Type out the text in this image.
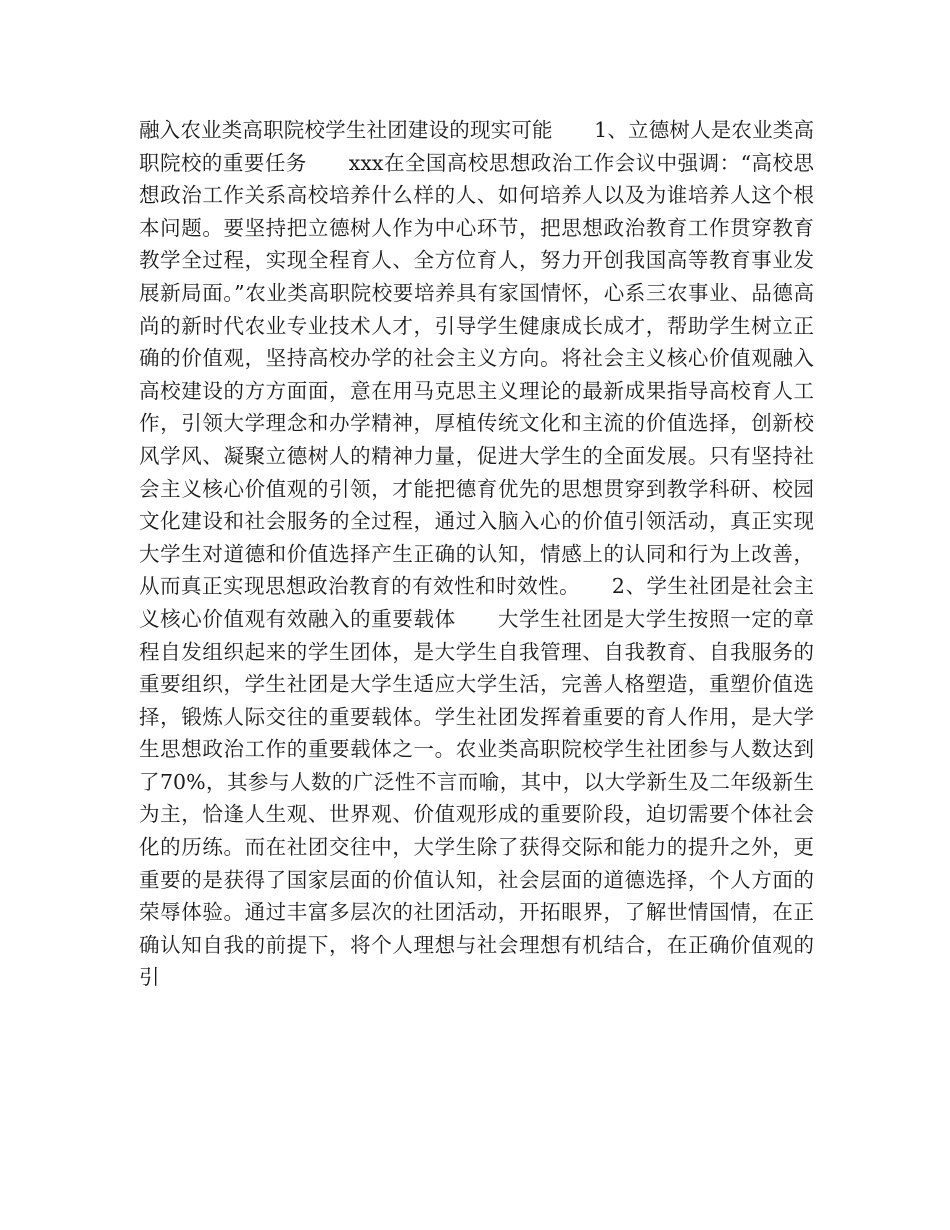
融入农业类高职院校学生社团建设的现实可能　　1、立德树人是农业类高职院校的重要任务　　xxx在全国高校思想政治工作会议中强调：“高校思想政治工作关系高校培养什么样的人、如何培养人以及为谁培养人这个根本问题。要坚持把立德树人作为中心环节，把思想政治教育工作贯穿教育教学全过程，实现全程育人、全方位育人，努力开创我国高等教育事业发展新局面。”农业类高职院校要培养具有家国情怀，心系三农事业、品德高尚的新时代农业专业技术人才，引导学生健康成长成才，帮助学生树立正确的价值观，坚持高校办学的社会主义方向。将社会主义核心价值观融入高校建设的方方面面，意在用马克思主义理论的最新成果指导高校育人工作，引领大学理念和办学精神，厚植传统文化和主流的价值选择，创新校风学风、凝聚立德树人的精神力量，促进大学生的全面发展。只有坚持社会主义核心价值观的引领，才能把德育优先的思想贯穿到教学科研、校园文化建设和社会服务的全过程，通过入脑入心的价值引领活动，真正实现大学生对道德和价值选择产生正确的认知，情感上的认同和行为上改善，从而真正实现思想政治教育的有效性和时效性。　　2、学生社团是社会主义核心价值观有效融入的重要载体　　大学生社团是大学生按照一定的章程自发组织起来的学生团体，是大学生自我管理、自我教育、自我服务的重要组织，学生社团是大学生适应大学生活，完善人格塑造，重塑价值选择，锻炼人际交往的重要载体。学生社团发挥着重要的育人作用，是大学生思想政治工作的重要载体之一。农业类高职院校学生社团参与人数达到了70%，其参与人数的广泛性不言而喻，其中，以大学新生及二年级新生为主，恰逢人生观、世界观、价值观形成的重要阶段，迫切需要个体社会化的历练。而在社团交往中，大学生除了获得交际和能力的提升之外，更重要的是获得了国家层面的价值认知，社会层面的道德选择，个人方面的荣辱体验。通过丰富多层次的社团活动，开拓眼界，了解世情国情，在正确认知自我的前提下，将个人理想与社会理想有机结合，在正确价值观的引
